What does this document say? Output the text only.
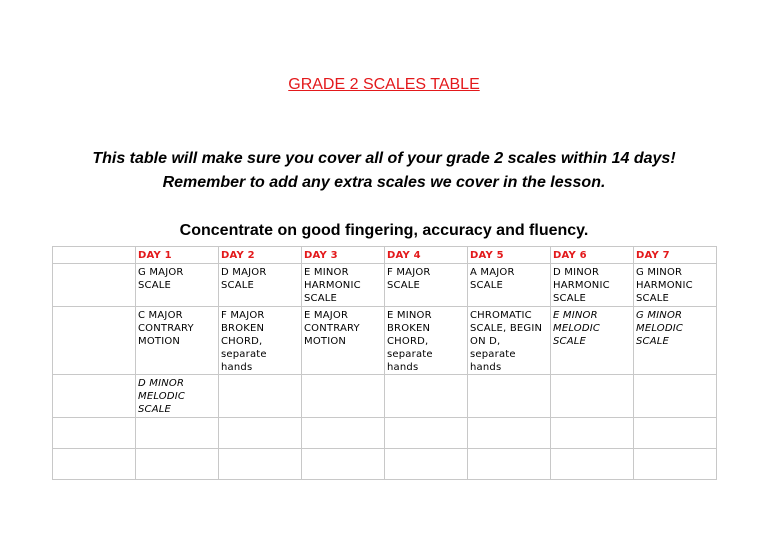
GRADE 2 SCALES TABLE
This table will make sure you cover all of your grade 2 scales within 14 days!
Remember to add any extra scales we cover in the lesson.
Concentrate on good fingering, accuracy and fluency.
	DAY 1	DAY 2	DAY 3	DAY 4	DAY 5	DAY 6	DAY 7
	G MAJOR
SCALE	D MAJOR
SCALE	E MINOR
HARMONIC
SCALE	F MAJOR
SCALE	A MAJOR
SCALE	D MINOR
HARMONIC
SCALE	G MINOR
HARMONIC
SCALE
	C MAJOR
CONTRARY
MOTION	F MAJOR
BROKEN
CHORD,
separate hands	E MAJOR
CONTRARY
MOTION	E MINOR
BROKEN
CHORD,
separate hands	CHROMATIC
SCALE, BEGIN
ON D, separate
hands	E MINOR
MELODIC
SCALE	G MINOR
MELODIC
SCALE
	D MINOR
MELODIC
SCALE						
